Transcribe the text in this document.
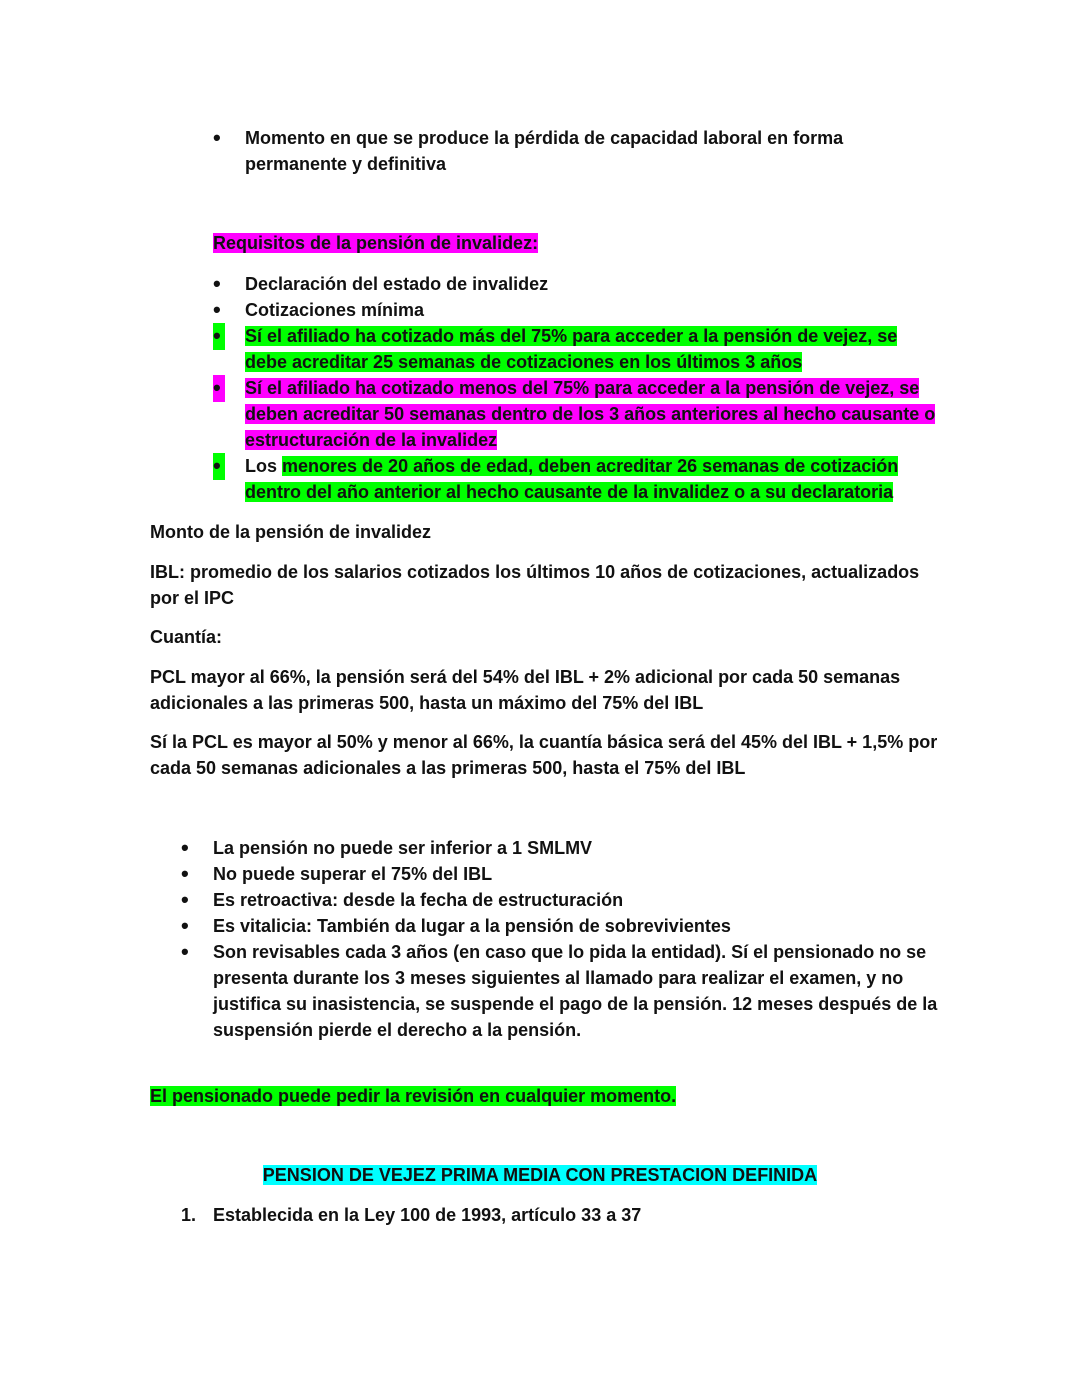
•
Momento en que se produce la pérdida de capacidad laboral en forma permanente y definitiva
Requisitos de la pensión de invalidez:
•
Declaración del estado de invalidez
•
Cotizaciones mínima
•
Sí el afiliado ha cotizado más del 75% para acceder a la pensión de vejez, se debe acreditar 25 semanas de cotizaciones en los últimos 3 años
•
Sí el afiliado ha cotizado menos del 75% para acceder a la pensión de vejez, se deben acreditar 50 semanas dentro de los 3 años anteriores al hecho causante o estructuración de la invalidez
•
Los menores de 20 años de edad, deben acreditar 26 semanas de cotización dentro del año anterior al hecho causante de la invalidez o a su declaratoria
Monto de la pensión de invalidez
IBL: promedio de los salarios cotizados los últimos 10 años de cotizaciones, actualizados por el IPC
Cuantía:
PCL mayor al 66%, la pensión será del 54% del IBL + 2% adicional por cada 50 semanas adicionales a las primeras 500, hasta un máximo del 75% del IBL
Sí la PCL es mayor al 50% y menor al 66%, la cuantía básica será del 45% del IBL + 1,5% por cada 50 semanas adicionales a las primeras 500, hasta el 75% del IBL
•
La pensión no puede ser inferior a 1 SMLMV
•
No puede superar el 75% del IBL
•
Es retroactiva: desde la fecha de estructuración
•
Es vitalicia: También da lugar a la pensión de sobrevivientes
•
Son revisables cada 3 años (en caso que lo pida la entidad). Sí el pensionado no se presenta durante los 3 meses siguientes al llamado para realizar el examen, y no justifica su inasistencia, se suspende el pago de la pensión. 12 meses después de la suspensión pierde el derecho a la pensión.
El pensionado puede pedir la revisión en cualquier momento.
PENSION DE VEJEZ PRIMA MEDIA CON PRESTACION DEFINIDA
1. Establecida en la Ley 100 de 1993, artículo 33 a 37
